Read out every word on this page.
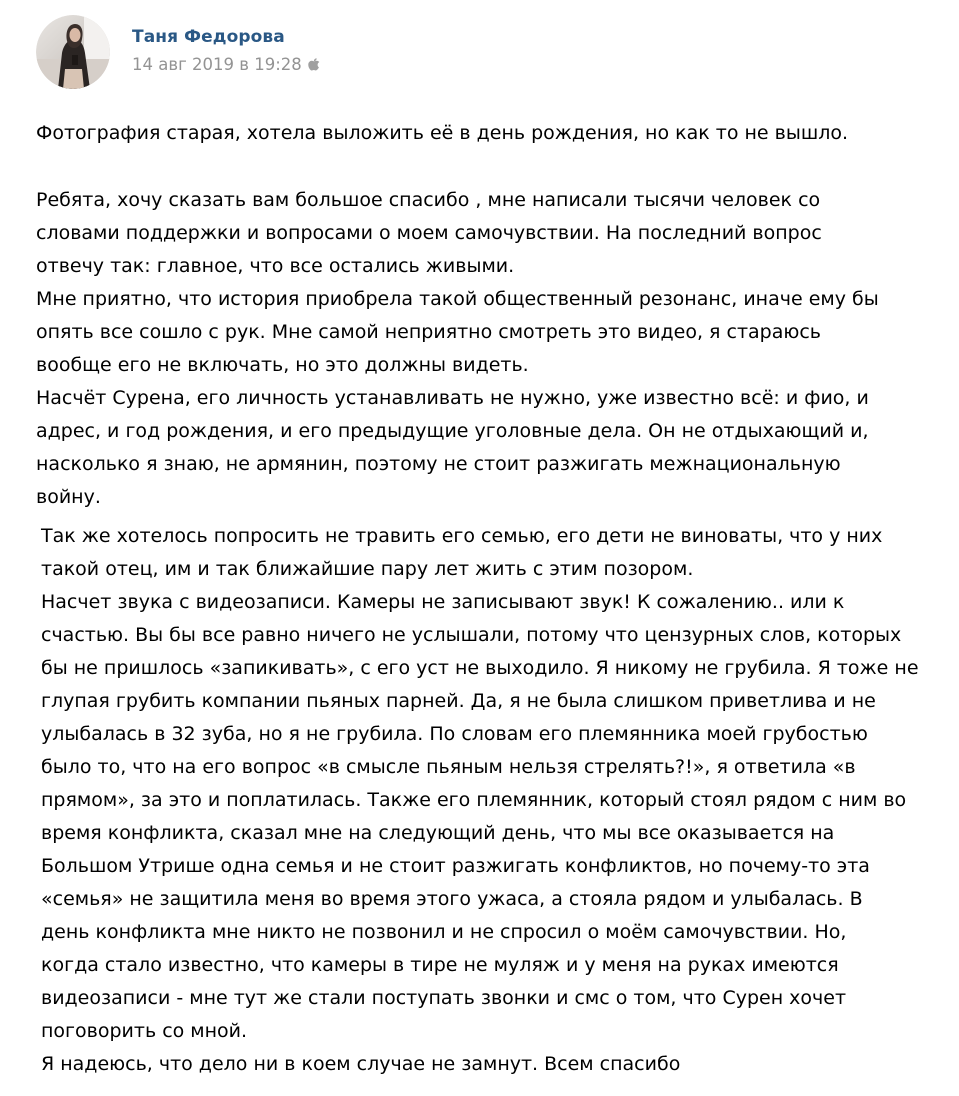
Таня Федорова
14 авг 2019 в 19:28
Фотография старая, хотела выложить её в день рождения, но как то не вышло.
Ребята, хочу сказать вам большое спасибо , мне написали тысячи человек со
словами поддержки и вопросами о моем самочувствии. На последний вопрос
отвечу так: главное, что все остались живыми.
Мне приятно, что история приобрела такой общественный резонанс, иначе ему бы
опять все сошло с рук. Мне самой неприятно смотреть это видео, я стараюсь
вообще его не включать, но это должны видеть.
Насчёт Сурена, его личность устанавливать не нужно, уже известно всё: и фио, и
адрес, и год рождения, и его предыдущие уголовные дела. Он не отдыхающий и,
насколько я знаю, не армянин, поэтому не стоит разжигать межнациональную
войну.
Так же хотелось попросить не травить его семью, его дети не виноваты, что у них
такой отец, им и так ближайшие пару лет жить с этим позором.
Насчет звука с видеозаписи. Камеры не записывают звук! К сожалению.. или к
счастью. Вы бы все равно ничего не услышали, потому что цензурных слов, которых
бы не пришлось «запикивать», с его уст не выходило. Я никому не грубила. Я тоже не
глупая грубить компании пьяных парней. Да, я не была слишком приветлива и не
улыбалась в 32 зуба, но я не грубила. По словам его племянника моей грубостью
было то, что на его вопрос «в смысле пьяным нельзя стрелять?!», я ответила «в
прямом», за это и поплатилась. Также его племянник, который стоял рядом с ним во
время конфликта, сказал мне на следующий день, что мы все оказывается на
Большом Утрише одна семья и не стоит разжигать конфликтов, но почему-то эта
«семья» не защитила меня во время этого ужаса, а стояла рядом и улыбалась. В
день конфликта мне никто не позвонил и не спросил о моём самочувствии. Но,
когда стало известно, что камеры в тире не муляж и у меня на руках имеются
видеозаписи - мне тут же стали поступать звонки и смс о том, что Сурен хочет
поговорить со мной.
Я надеюсь, что дело ни в коем случае не замнут. Всем спасибо
